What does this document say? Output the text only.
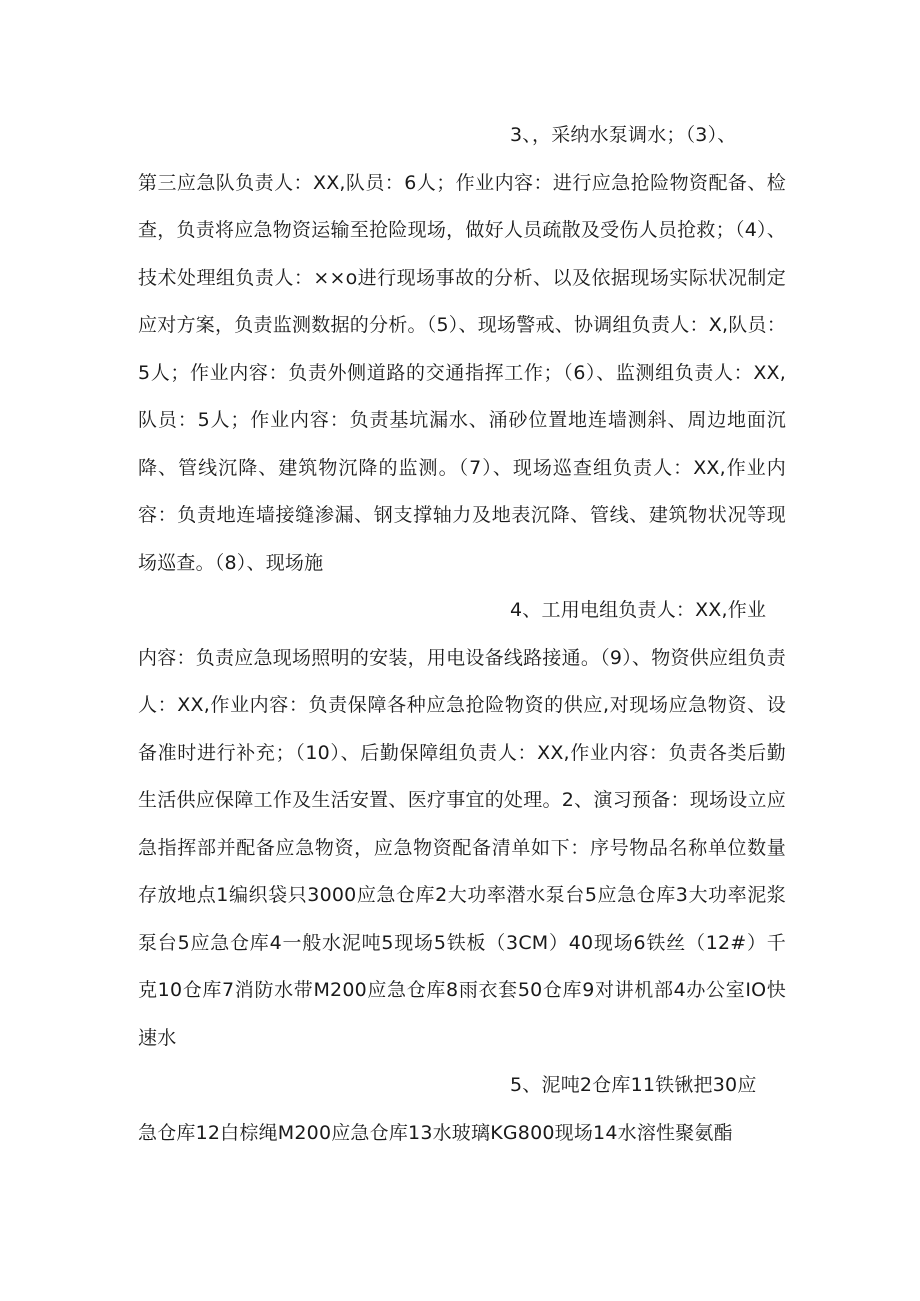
3、，采纳水泵调水；（3）、

第三应急队负责人：XX,队员：6人；作业内容：进行应急抢险物资配备、检查，负责将应急物资运输至抢险现场，做好人员疏散及受伤人员抢救；（4）、技术处理组负责人：××o进行现场事故的分析、以及依据现场实际状况制定应对方案，负责监测数据的分析。（5）、现场警戒、协调组负责人：X,队员：5人；作业内容：负责外侧道路的交通指挥工作；（6）、监测组负责人：XX,队员：5人；作业内容：负责基坑漏水、涌砂位置地连墙测斜、周边地面沉降、管线沉降、建筑物沉降的监测。（7）、现场巡查组负责人：XX,作业内容：负责地连墙接缝渗漏、钢支撑轴力及地表沉降、管线、建筑物状况等现场巡查。（8）、现场施

4、工用电组负责人：XX,作业

内容：负责应急现场照明的安装，用电设备线路接通。（9）、物资供应组负责人：XX,作业内容：负责保障各种应急抢险物资的供应,对现场应急物资、设备准时进行补充；（10）、后勤保障组负责人：XX,作业内容：负责各类后勤生活供应保障工作及生活安置、医疗事宜的处理。2、演习预备：现场设立应急指挥部并配备应急物资，应急物资配备清单如下：序号物品名称单位数量存放地点1编织袋只3000应急仓库2大功率潜水泵台5应急仓库3大功率泥浆泵台5应急仓库4一般水泥吨5现场5铁板（3CM）40现场6铁丝（12#）千克10仓库7消防水带M200应急仓库8雨衣套50仓库9对讲机部4办公室IO快速水

5、泥吨2仓库11铁锹把30应

急仓库12白棕绳M200应急仓库13水玻璃KG800现场14水溶性聚氨酯
